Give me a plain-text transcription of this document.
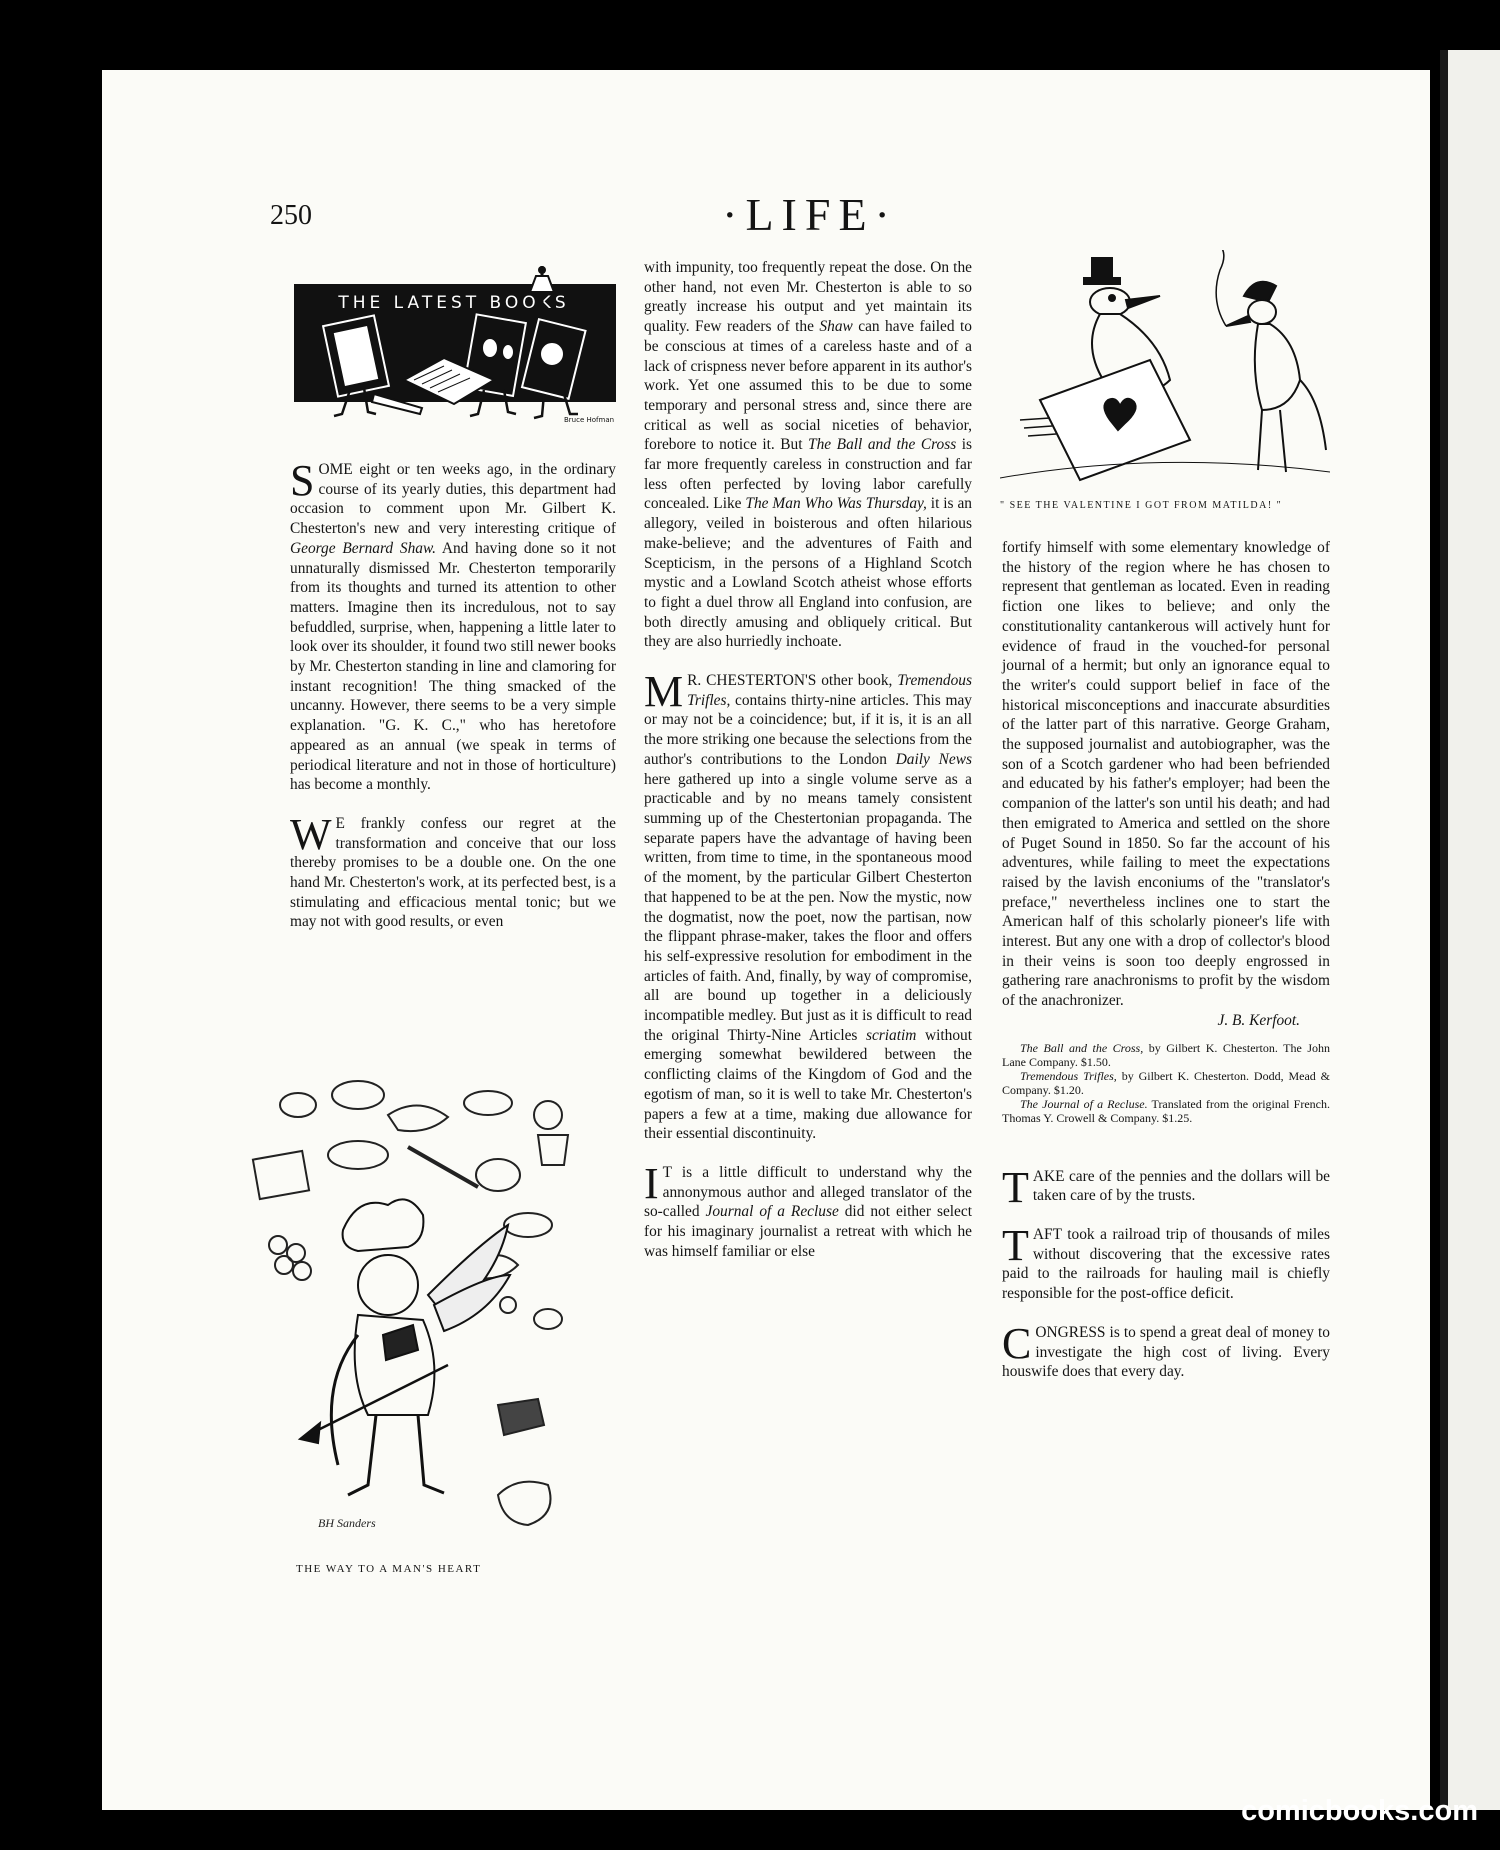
250	·LIFE·
THE LATEST BOOKS
Bruce Hofman

SOME eight or ten weeks ago, in the ordinary course of its yearly duties, this department had occasion to comment upon Mr. Gilbert K. Chesterton's new and very interesting critique of George Bernard Shaw. And having done so it not unnaturally dismissed Mr. Chesterton temporarily from its thoughts and turned its attention to other matters. Imagine then its incredulous, not to say befuddled, surprise, when, happening a little later to look over its shoulder, it found two still newer books by Mr. Chesterton standing in line and clamoring for instant recognition! The thing smacked of the uncanny. However, there seems to be a very simple explanation. "G. K. C.," who has heretofore appeared as an annual (we speak in terms of periodical literature and not in those of horticulture) has become a monthly.

W E frankly confess our regret at the transformation and conceive that our loss thereby promises to be a double one. On the one hand Mr. Chesterton's work, at its perfected best, is a stimulating and efficacious mental tonic; but we may not with good results, or even

BH Sanders
THE WAY TO A MAN'S HEART

with impunity, too frequently repeat the dose. On the other hand, not even Mr. Chesterton is able to so greatly increase his output and yet maintain its quality. Few readers of the Shaw can have failed to be conscious at times of a careless haste and of a lack of crispness never before apparent in its author's work. Yet one assumed this to be due to some temporary and personal stress and, since there are critical as well as social niceties of behavior, forebore to notice it. But The Ball and the Cross is far more frequently careless in construction and far less often perfected by loving labor carefully concealed. Like The Man Who Was Thursday, it is an allegory, veiled in boisterous and often hilarious make-believe; and the adventures of Faith and Scepticism, in the persons of a Highland Scotch mystic and a Lowland Scotch atheist whose efforts to fight a duel throw all England into confusion, are both directly amusing and obliquely critical. But they are also hurriedly inchoate.

M R. CHESTERTON'S other book, Tremendous Trifles, contains thirty-nine articles. This may or may not be a coincidence; but, if it is, it is an all the more striking one because the selections from the author's contributions to the London Daily News here gathered up into a single volume serve as a practicable and by no means tamely consistent summing up of the Chestertonian propaganda. The separate papers have the advantage of having been written, from time to time, in the spontaneous mood of the moment, by the particular Gilbert Chesterton that happened to be at the pen. Now the mystic, now the dogmatist, now the poet, now the partisan, now the flippant phrase-maker, takes the floor and offers his self-expressive resolution for embodiment in the articles of faith. And, finally, by way of compromise, all are bound up together in a deliciously incompatible medley. But just as it is difficult to read the original Thirty-Nine Articles scriatim without emerging somewhat bewildered between the conflicting claims of the Kingdom of God and the egotism of man, so it is well to take Mr. Chesterton's papers a few at a time, making due allowance for their essential discontinuity.

I T is a little difficult to understand why the annonymous author and alleged translator of the so-called Journal of a Recluse did not either select for his imaginary journalist a retreat with which he was himself familiar or else

" SEE THE VALENTINE I GOT FROM MATILDA! "

fortify himself with some elementary knowledge of the history of the region where he has chosen to represent that gentleman as located. Even in reading fiction one likes to believe; and only the constitutionality cantankerous will actively hunt for evidence of fraud in the vouched-for personal journal of a hermit; but only an ignorance equal to the writer's could support belief in face of the historical misconceptions and inaccurate absurdities of the latter part of this narrative. George Graham, the supposed journalist and autobiographer, was the son of a Scotch gardener who had been befriended and educated by his father's employer; had been the companion of the latter's son until his death; and had then emigrated to America and settled on the shore of Puget Sound in 1850. So far the account of his adventures, while failing to meet the expectations raised by the lavish enconiums of the "translator's preface," nevertheless inclines one to start the American half of this scholarly pioneer's life with interest. But any one with a drop of collector's blood in their veins is soon too deeply engrossed in gathering rare anachronisms to profit by the wisdom of the anachronizer.

J. B. Kerfoot.

The Ball and the Cross, by Gilbert K. Chesterton. The John Lane Company. $1.50.

Tremendous Trifles, by Gilbert K. Chesterton. Dodd, Mead & Company. $1.20.

The Journal of a Recluse. Translated from the original French. Thomas Y. Crowell & Company. $1.25.

TAKE care of the pennies and the dollars will be taken care of by the trusts.

TAFT took a railroad trip of thousands of miles without discovering that the excessive rates paid to the railroads for hauling mail is chiefly responsible for the post-office deficit.

CONGRESS is to spend a great deal of money to investigate the high cost of living. Every houswife does that every day.

comicbooks.com
